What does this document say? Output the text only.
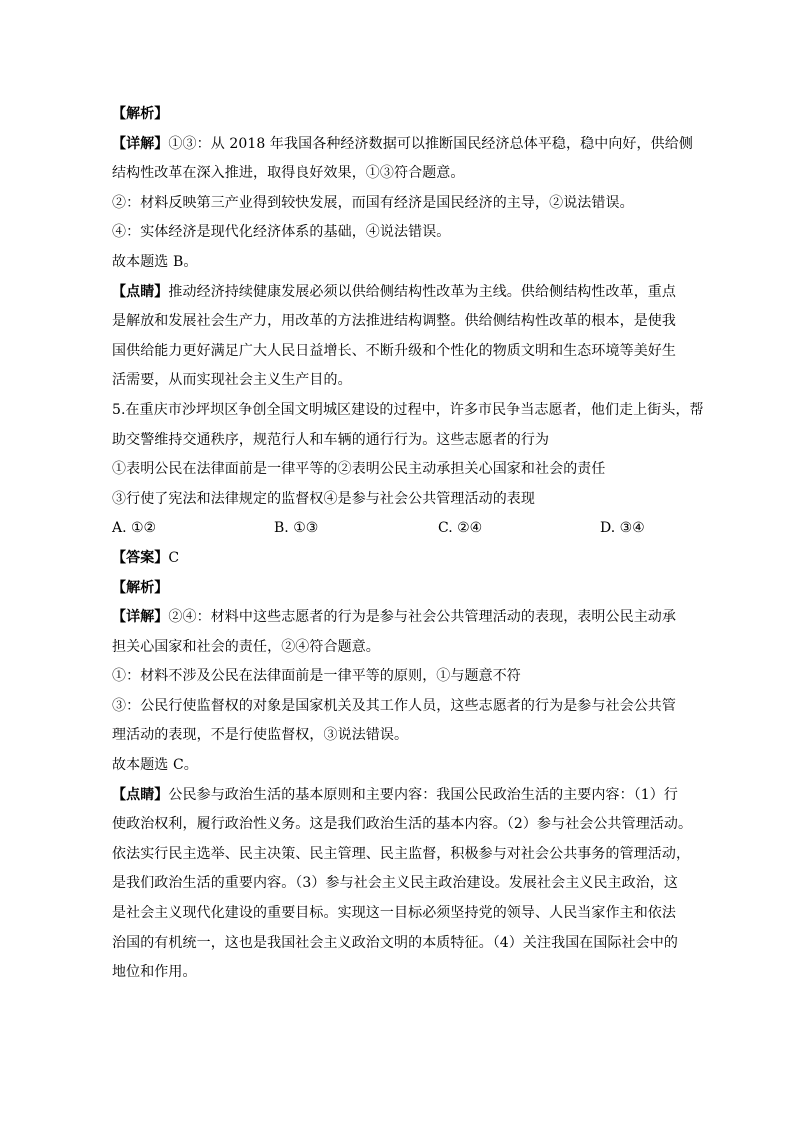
【解析】
【详解】①③：从 2018 年我国各种经济数据可以推断国民经济总体平稳，稳中向好，供给侧
结构性改革在深入推进，取得良好效果，①③符合题意。
②：材料反映第三产业得到较快发展，而国有经济是国民经济的主导，②说法错误。
④：实体经济是现代化经济体系的基础，④说法错误。
故本题选 B。
【点睛】推动经济持续健康发展必须以供给侧结构性改革为主线。供给侧结构性改革，重点
是解放和发展社会生产力，用改革的方法推进结构调整。供给侧结构性改革的根本，是使我
国供给能力更好满足广大人民日益增长、不断升级和个性化的物质文明和生态环境等美好生
活需要，从而实现社会主义生产目的。
5.在重庆市沙坪坝区争创全国文明城区建设的过程中，许多市民争当志愿者，他们走上街头，帮
助交警维持交通秩序，规范行人和车辆的通行行为。这些志愿者的行为
①表明公民在法律面前是一律平等的②表明公民主动承担关心国家和社会的责任
③行使了宪法和法律规定的监督权④是参与社会公共管理活动的表现
A. ①②	B. ①③	C. ②④	D. ③④
【答案】C
【解析】
【详解】②④：材料中这些志愿者的行为是参与社会公共管理活动的表现，表明公民主动承
担关心国家和社会的责任，②④符合题意。
①：材料不涉及公民在法律面前是一律平等的原则，①与题意不符
③：公民行使监督权的对象是国家机关及其工作人员，这些志愿者的行为是参与社会公共管
理活动的表现，不是行使监督权，③说法错误。
故本题选 C。
【点睛】公民参与政治生活的基本原则和主要内容：我国公民政治生活的主要内容：（1）行
使政治权利，履行政治性义务。这是我们政治生活的基本内容。（2）参与社会公共管理活动。
依法实行民主选举、民主决策、民主管理、民主监督，积极参与对社会公共事务的管理活动，
是我们政治生活的重要内容。（3）参与社会主义民主政治建设。发展社会主义民主政治，这
是社会主义现代化建设的重要目标。实现这一目标必须坚持党的领导、人民当家作主和依法
治国的有机统一，这也是我国社会主义政治文明的本质特征。（4）关注我国在国际社会中的
地位和作用。
